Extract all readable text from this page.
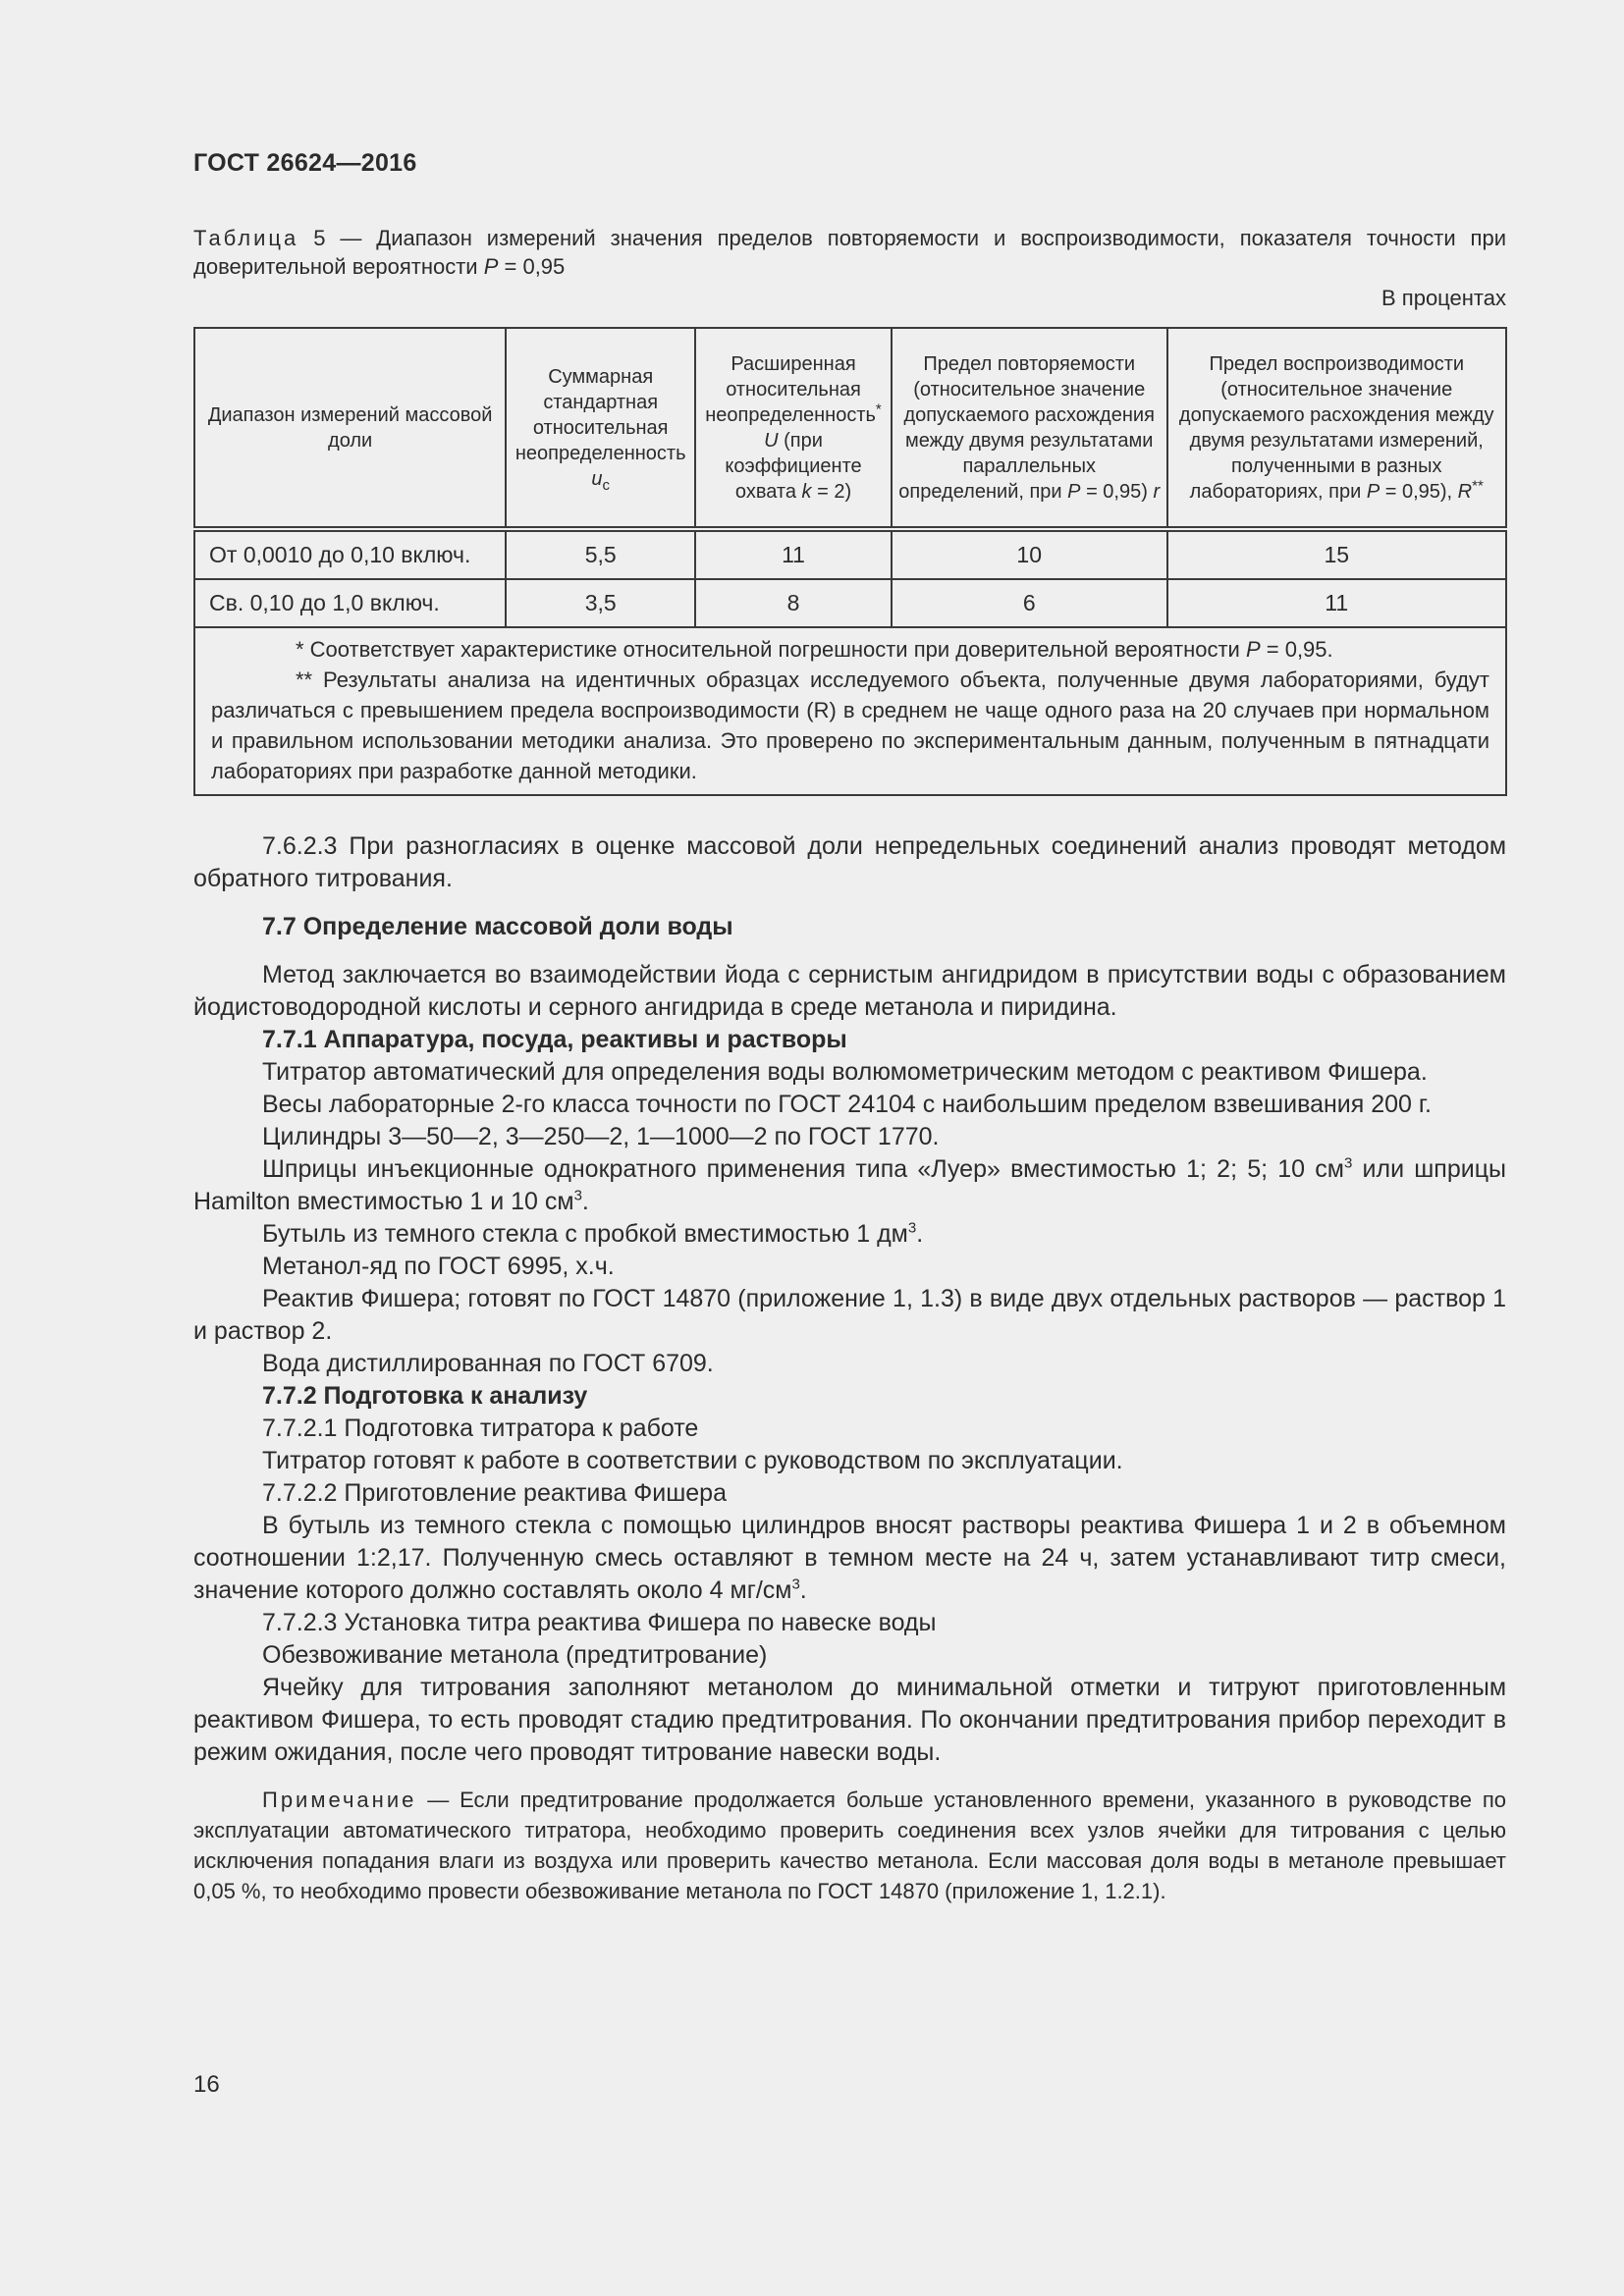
ГОСТ 26624—2016
Таблица 5 — Диапазон измерений значения пределов повторяемости и воспроизводимости, показателя точности при доверительной вероятности P = 0,95
В процентах
Диапазон измерений массовой доли	Суммарная стандартная относительная неопределенность $u_c$	Расширенная относительная неопределенность* U (при коэффициенте охвата k = 2)	Предел повторяемости (относительное значение допускаемого расхождения между двумя результатами параллельных определений, при P = 0,95) r	Предел воспроизводимости (относительное значение допускаемого расхождения между двумя результатами измерений, полученными в разных лабораториях, при P = 0,95), R**
От 0,0010 до 0,10 включ.	5,5	11	10	15
Св. 0,10 до 1,0 включ.	3,5	8	6	11

* Соответствует характеристике относительной погрешности при доверительной вероятности P = 0,95.
** Результаты анализа на идентичных образцах исследуемого объекта, полученные двумя лабораториями, будут различаться с превышением предела воспроизводимости (R) в среднем не чаще одного раза на 20 случаев при нормальном и правильном использовании методики анализа. Это проверено по экспериментальным данным, полученным в пятнадцати лабораториях при разработке данной методики.				

7.6.2.3 При разногласиях в оценке массовой доли непредельных соединений анализ проводят методом обратного титрования.

7.7 Определение массовой доли воды

Метод заключается во взаимодействии йода с сернистым ангидридом в присутствии воды с образованием йодистоводородной кислоты и серного ангидрида в среде метанола и пиридина.

7.7.1 Аппаратура, посуда, реактивы и растворы

Титратор автоматический для определения воды волюмометрическим методом с реактивом Фишера.

Весы лабораторные 2-го класса точности по ГОСТ 24104 с наибольшим пределом взвешивания 200 г.

Цилиндры 3—50—2, 3—250—2, 1—1000—2 по ГОСТ 1770.

Шприцы инъекционные однократного применения типа «Луер» вместимостью 1; 2; 5; 10 $см^3$ или шприцы Hamilton вместимостью 1 и 10 $см^3$.

Бутыль из темного стекла с пробкой вместимостью 1 $дм^3$.

Метанол-яд по ГОСТ 6995, х.ч.

Реактив Фишера; готовят по ГОСТ 14870 (приложение 1, 1.3) в виде двух отдельных растворов — раствор 1 и раствор 2.

Вода дистиллированная по ГОСТ 6709.

7.7.2 Подготовка к анализу

7.7.2.1 Подготовка титратора к работе

Титратор готовят к работе в соответствии с руководством по эксплуатации.

7.7.2.2 Приготовление реактива Фишера

В бутыль из темного стекла с помощью цилиндров вносят растворы реактива Фишера 1 и 2 в объемном соотношении 1:2,17. Полученную смесь оставляют в темном месте на 24 ч, затем устанавливают титр смеси, значение которого должно составлять около 4 $мг/см^3$.

7.7.2.3 Установка титра реактива Фишера по навеске воды

Обезвоживание метанола (предтитрование)

Ячейку для титрования заполняют метанолом до минимальной отметки и титруют приготовленным реактивом Фишера, то есть проводят стадию предтитрования. По окончании предтитрования прибор переходит в режим ожидания, после чего проводят титрование навески воды.

Примечание — Если предтитрование продолжается больше установленного времени, указанного в руководстве по эксплуатации автоматического титратора, необходимо проверить соединения всех узлов ячейки для титрования с целью исключения попадания влаги из воздуха или проверить качество метанола. Если массовая доля воды в метаноле превышает 0,05 %, то необходимо провести обезвоживание метанола по ГОСТ 14870 (приложение 1, 1.2.1).

16
